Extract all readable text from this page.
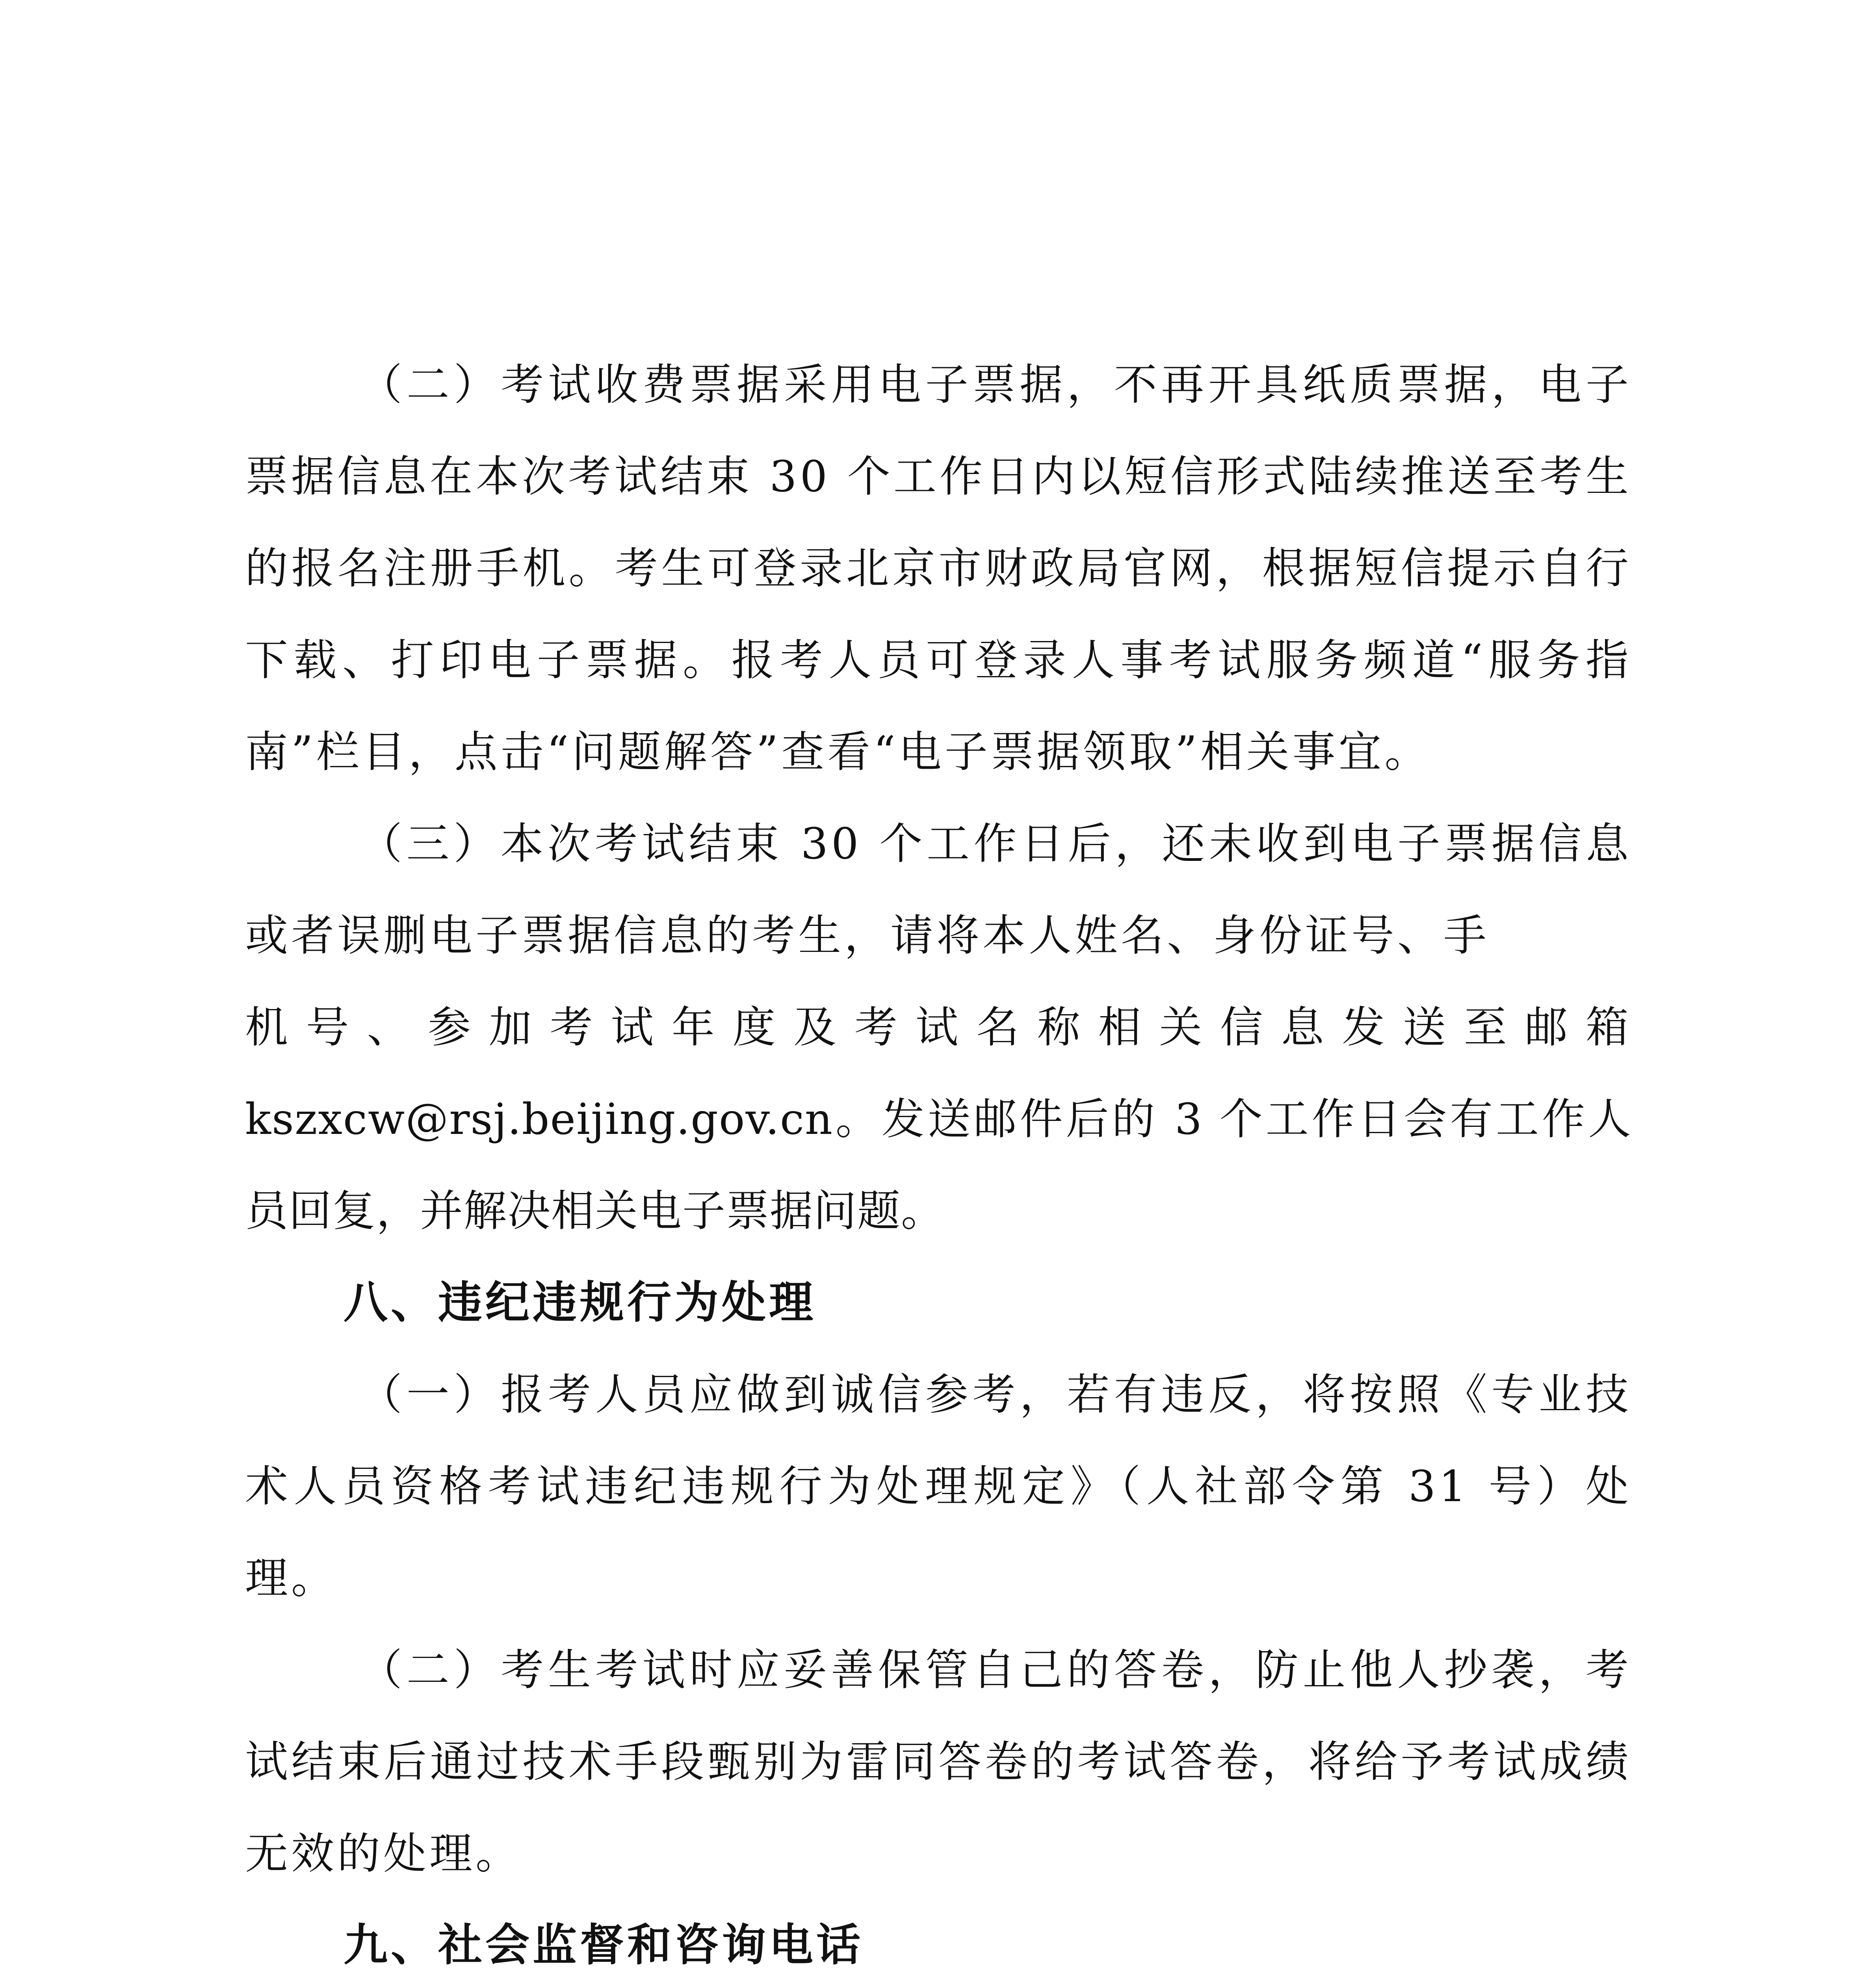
（二）考试收费票据采用电子票据，不再开具纸质票据，电子票据信息在本次考试结束 30 个工作日内以短信形式陆续推送至考生的报名注册手机。考生可登录北京市财政局官网，根据短信提示自行下载、打印电子票据。报考人员可登录人事考试服务频道“服务指南”栏目，点击“问题解答”查看“电子票据领取”相关事宜。

（三）本次考试结束 30 个工作日后，还未收到电子票据信息或者误删电子票据信息的考生，请将本人姓名、身份证号、手

机号、参加考试年度及考试名称相关信息发送至邮箱

kszxcw@rsj.beijing.gov.cn。发送邮件后的 3 个工作日会有工作人员回复，并解决相关电子票据问题。

八、违纪违规行为处理

（一）报考人员应做到诚信参考，若有违反，将按照《专业技术人员资格考试违纪违规行为处理规定》（人社部令第 31 号）处理。

（二）考生考试时应妥善保管自己的答卷，防止他人抄袭，考试结束后通过技术手段甄别为雷同答卷的考试答卷，将给予考试成绩无效的处理。

九、社会监督和咨询电话
